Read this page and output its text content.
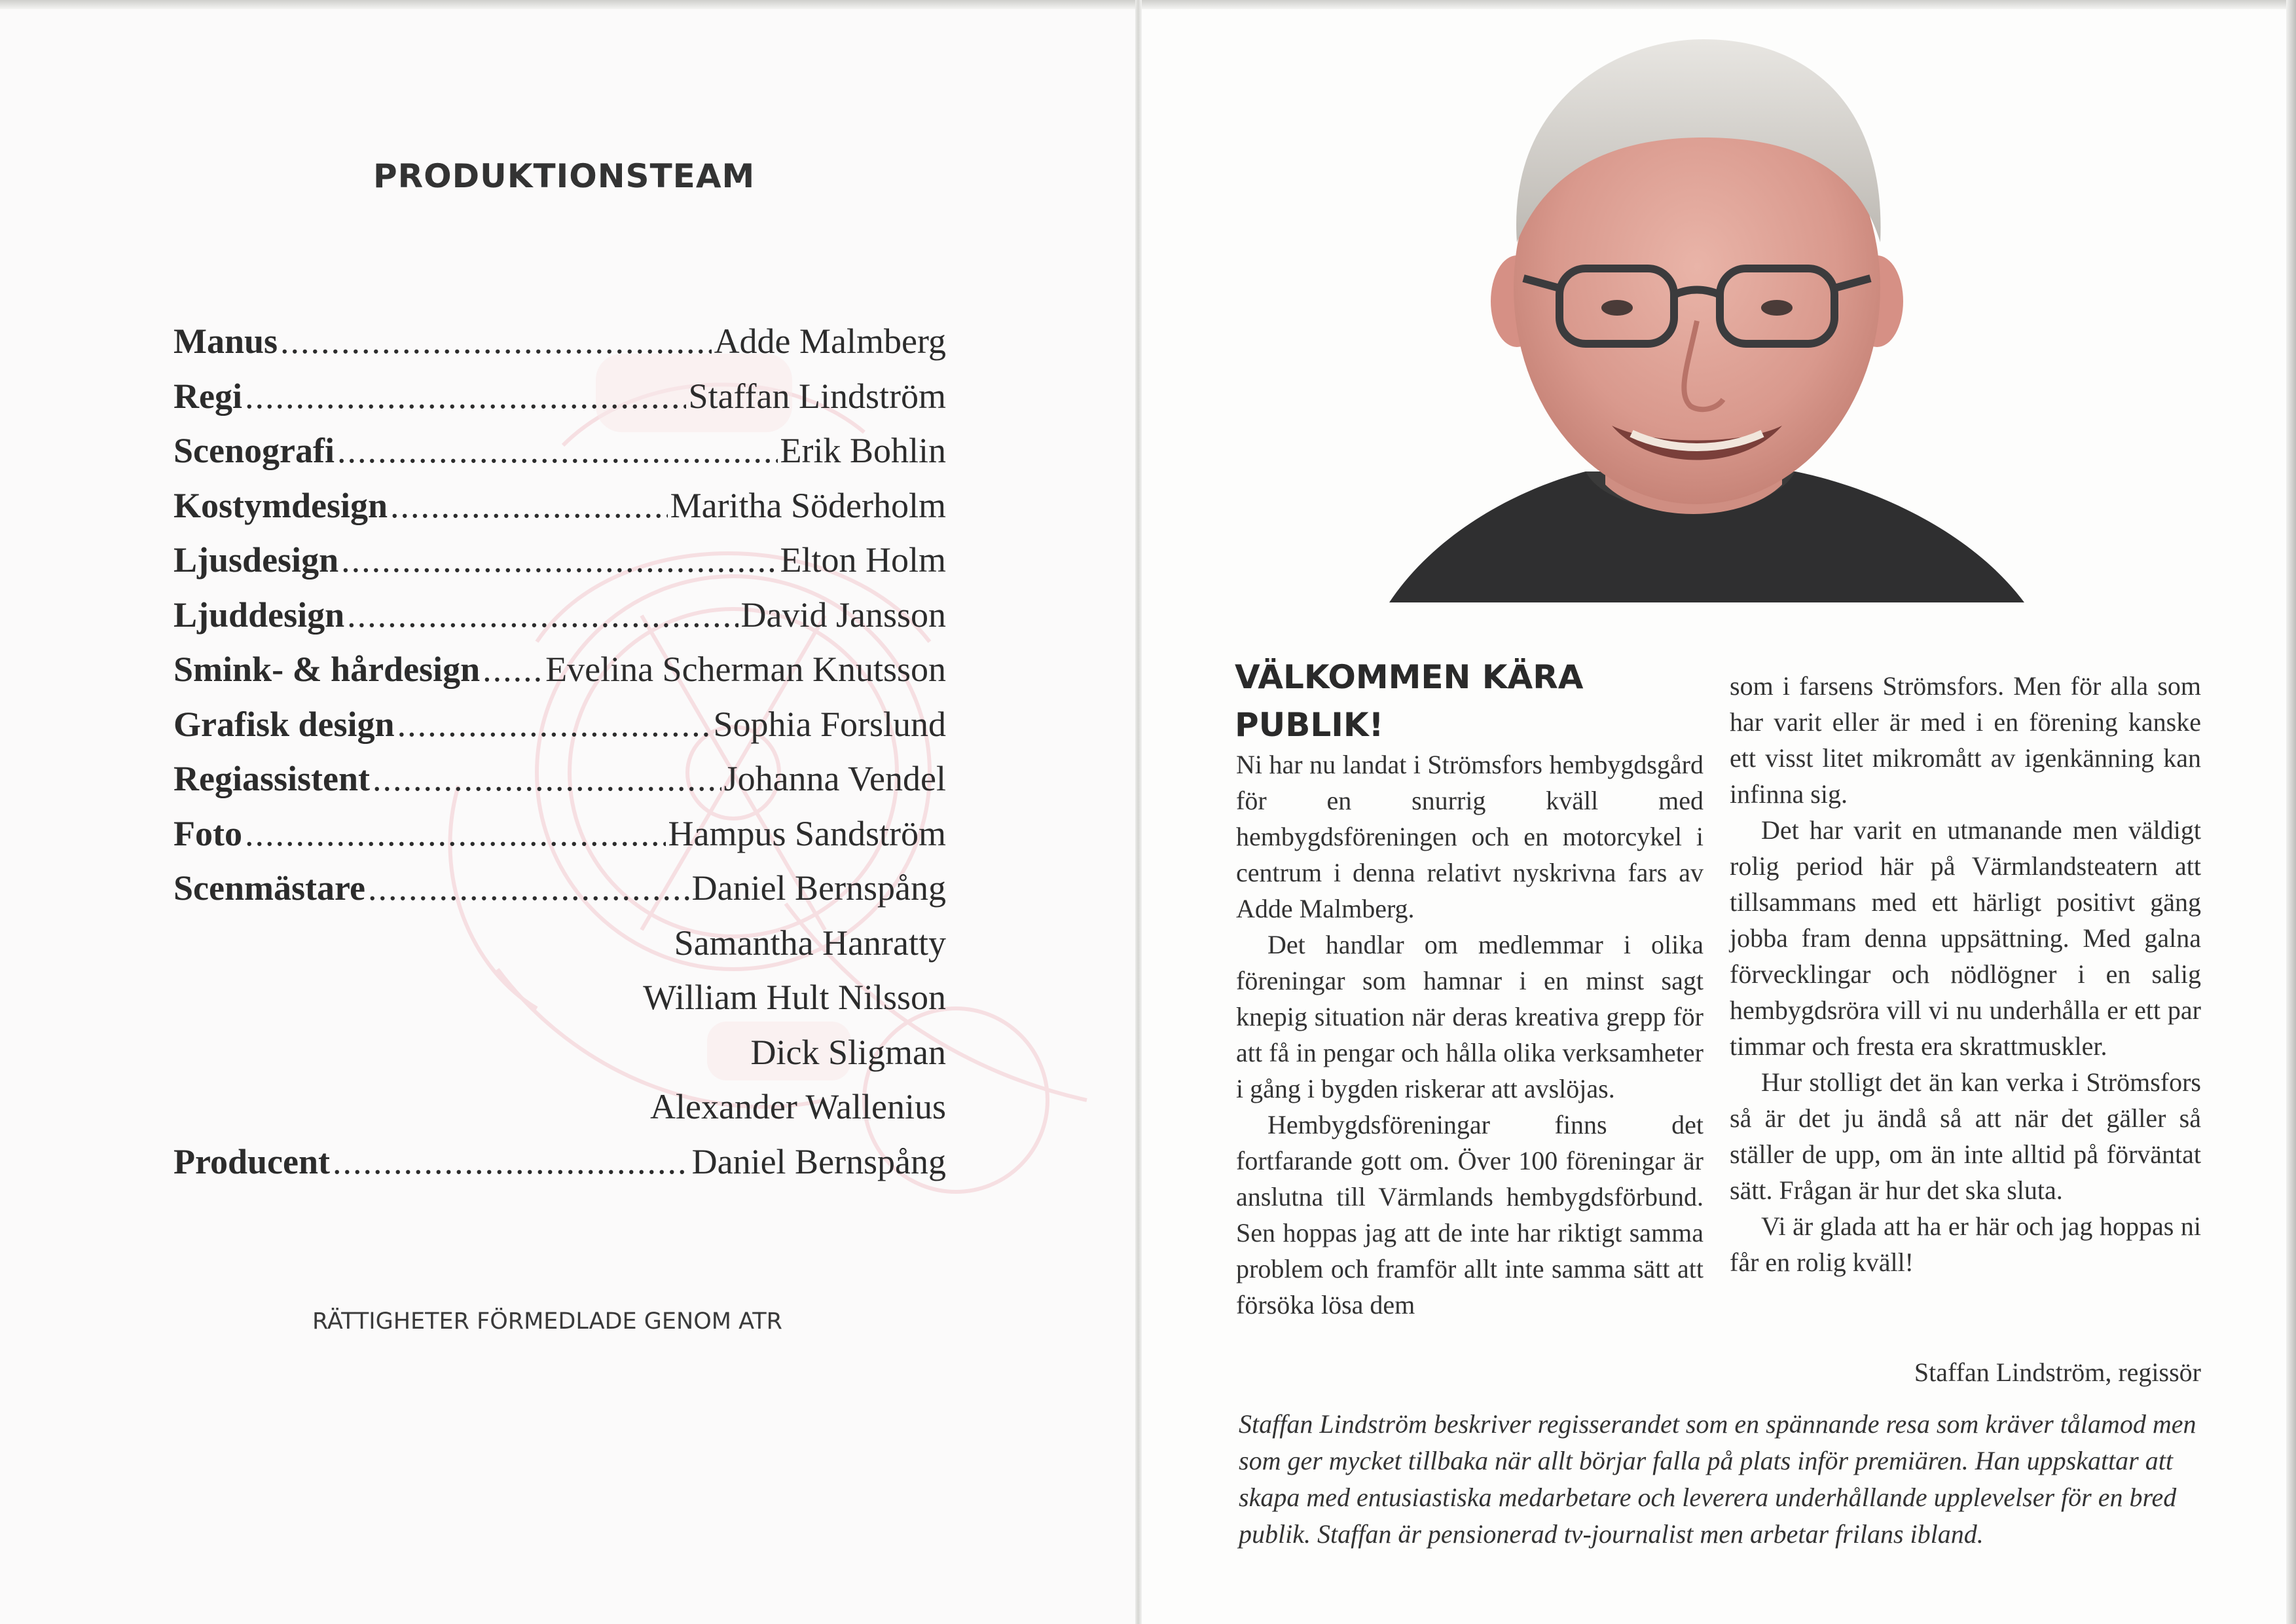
PRODUKTIONSTEAM
Manus .....	Adde Malmberg
Regi .....	Staffan Lindström
Scenografi .....	Erik Bohlin
Kostymdesign .....	Maritha Söderholm
Ljusdesign .....	Elton Holm
Ljuddesign .....	David Jansson
Smink- & hårdesign ..... Evelina Scherman Knutsson
Grafisk design .....	Sophia Forslund
Regiassistent .....	Johanna Vendel
Foto .....	Hampus Sandström
Scenmästare .....	Daniel Bernspång
Samantha Hanratty
William Hult Nilsson
Dick Sligman
Alexander Wallenius
Producent .....	Daniel Bernspång

RÄTTIGHETER FÖRMEDLADE GENOM ATR

VÄLKOMMEN KÄRA
PUBLIK!

Ni har nu landat i Strömsfors hembygdsgård för en snurrig kväll med hembygdsföreningen och en motorcykel i centrum i denna relativt nyskrivna fars av Adde Malmberg.

Det handlar om medlemmar i olika föreningar som hamnar i en minst sagt knepig situation när deras kreativa grepp för att få in pengar och hålla olika verksamheter i gång i bygden riskerar att avslöjas.

Hembygdsföreningar finns det fortfarande gott om. Över 100 föreningar är anslutna till Värmlands hembygdsförbund. Sen hoppas jag att de inte har riktigt samma problem och framför allt inte samma sätt att försöka lösa dem

som i farsens Strömsfors. Men för alla som har varit eller är med i en förening kanske ett visst litet mikromått av igenkänning kan infinna sig.

Det har varit en utmanande men väldigt rolig period här på Värmlandsteatern att tillsammans med ett härligt positivt gäng jobba fram denna uppsättning. Med galna förvecklingar och nödlögner i en salig hembygdsröra vill vi nu underhålla er ett par timmar och fresta era skrattmuskler.

Hur stolligt det än kan verka i Strömsfors så är det ju ändå så att när det gäller så ställer de upp, om än inte alltid på förväntat sätt. Frågan är hur det ska sluta.

Vi är glada att ha er här och jag hoppas ni får en rolig kväll!

Staffan Lindström, regissör

Staffan Lindström beskriver regisserandet som en spännande resa som kräver tålamod men som ger mycket tillbaka när allt börjar falla på plats inför premiären. Han uppskattar att skapa med entusiastiska medarbetare och leverera underhållande upplevelser för en bred publik. Staffan är pensionerad tv-journalist men arbetar frilans ibland.
